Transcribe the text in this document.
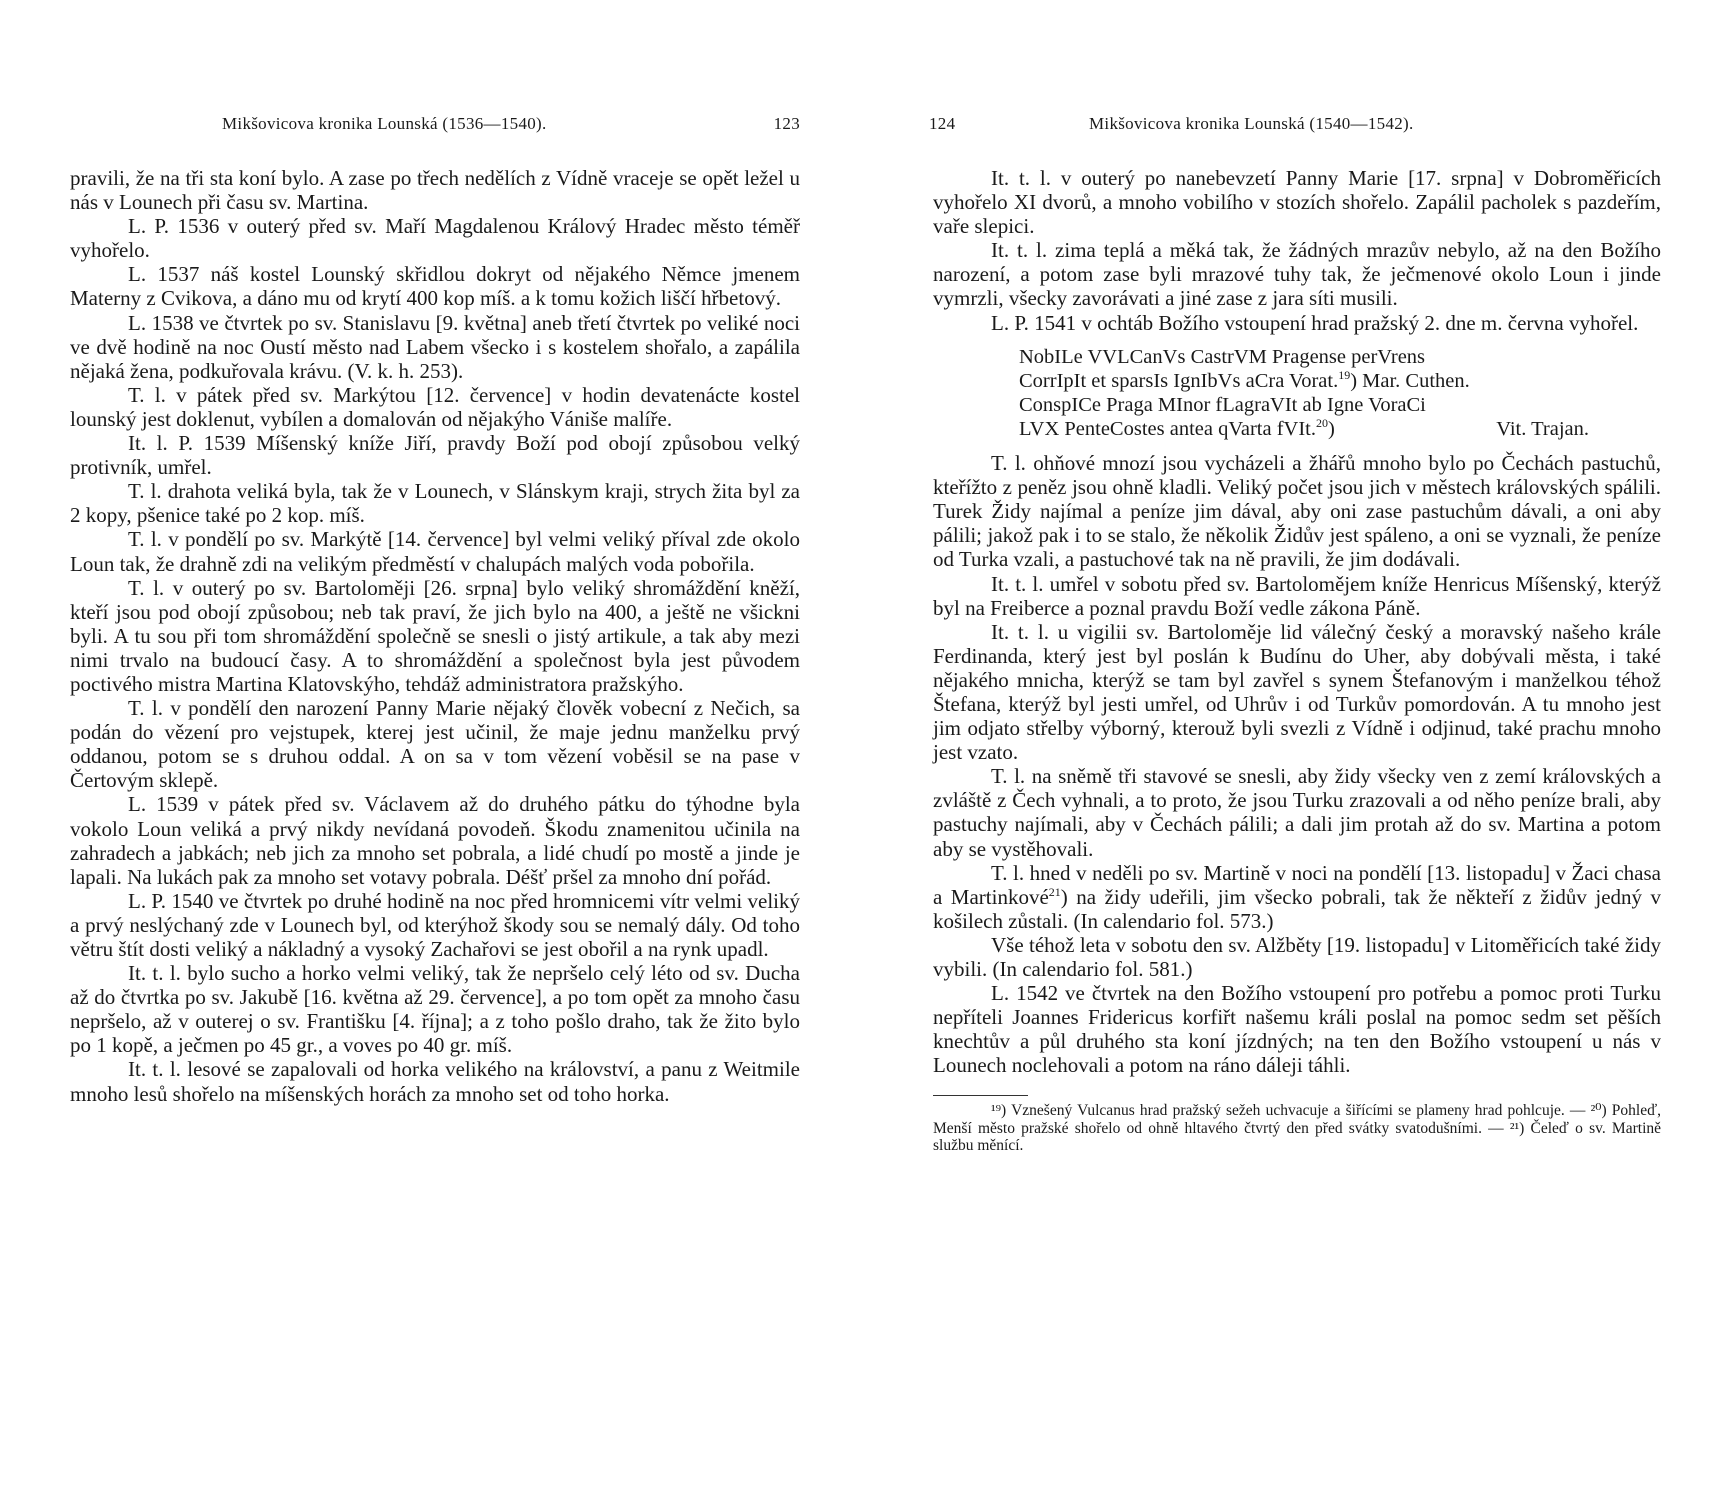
Mikšovicova kronika Lounská (1536—1540).	123

pravili, že na tři sta koní bylo. A zase po třech nedělích z Vídně vraceje se opět ležel u nás v Lounech při času sv. Martina.

L. P. 1536 v outerý před sv. Maří Magdalenou Králový Hradec město téměř vyhořelo.

L. 1537 náš kostel Lounský skřidlou dokryt od nějakého Němce jmenem Materny z Cvikova, a dáno mu od krytí 400 kop míš. a k tomu kožich liščí hřbetový.

L. 1538 ve čtvrtek po sv. Stanislavu [9. května] aneb třetí čtvrtek po veliké noci ve dvě hodině na noc Oustí město nad Labem všecko i s kostelem shořalo, a zapálila nějaká žena, podkuřovala krávu. (V. k. h. 253).

T. l. v pátek před sv. Markýtou [12. července] v hodin devatenácte kostel lounský jest doklenut, vybílen a domalován od nějakýho Vániše malíře.

It. l. P. 1539 Míšenský kníže Jiří, pravdy Boží pod obojí způsobou velký protivník, umřel.

T. l. drahota veliká byla, tak že v Lounech, v Slánskym kraji, strych žita byl za 2 kopy, pšenice také po 2 kop. míš.

T. l. v pondělí po sv. Markýtě [14. července] byl velmi veliký příval zde okolo Loun tak, že drahně zdi na velikým předměstí v chalupách malých voda pobořila.

T. l. v outerý po sv. Bartoloměji [26. srpna] bylo veliký shromáždění kněží, kteří jsou pod obojí způsobou; neb tak praví, že jich bylo na 400, a ještě ne všickni byli. A tu sou při tom shromáždění společně se snesli o jistý artikule, a tak aby mezi nimi trvalo na budoucí časy. A to shromáždění a společnost byla jest původem poctivého mistra Martina Klatovskýho, tehdáž administratora pražskýho.

T. l. v pondělí den narození Panny Marie nějaký člověk vobecní z Nečich, sa podán do vězení pro vejstupek, kterej jest učinil, že maje jednu manželku prvý oddanou, potom se s druhou oddal. A on sa v tom vězení voběsil se na pase v Čertovým sklepě.

L. 1539 v pátek před sv. Václavem až do druhého pátku do týhodne byla vokolo Loun veliká a prvý nikdy nevídaná povodeň. Škodu znamenitou učinila na zahradech a jabkách; neb jich za mnoho set pobrala, a lidé chudí po mostě a jinde je lapali. Na lukách pak za mnoho set votavy pobrala. Déšť pršel za mnoho dní pořád.

L. P. 1540 ve čtvrtek po druhé hodině na noc před hromnicemi vítr velmi veliký a prvý neslýchaný zde v Lounech byl, od kterýhož škody sou se nemalý dály. Od toho větru štít dosti veliký a nákladný a vysoký Zachařovi se jest obořil a na rynk upadl.

It. t. l. bylo sucho a horko velmi veliký, tak že nepršelo celý léto od sv. Ducha až do čtvrtka po sv. Jakubě [16. května až 29. července], a po tom opět za mnoho času nepršelo, až v outerej o sv. Františku [4. října]; a z toho pošlo draho, tak že žito bylo po 1 kopě, a ječmen po 45 gr., a voves po 40 gr. míš.

It. t. l. lesové se zapalovali od horka velikého na království, a panu z Weitmile mnoho lesů shořelo na míšenských horách za mnoho set od toho horka.

124	Mikšovicova kronika Lounská (1540—1542).

It. t. l. v outerý po nanebevzetí Panny Marie [17. srpna] v Dobroměřicích vyhořelo XI dvorů, a mnoho vobilího v stozích shořelo. Zapálil pacholek s pazdeřím, vaře slepici.

It. t. l. zima teplá a měká tak, že žádných mrazův nebylo, až na den Božího narození, a potom zase byli mrazové tuhy tak, že ječmenové okolo Loun i jinde vymrzli, všecky zavorávati a jiné zase z jara síti musili.

L. P. 1541 v ochtáb Božího vstoupení hrad pražský 2. dne m. června vyhořel.

NobILe VVLCanVs CastrVM Pragense perVrens
CorrIpIt et sparsIs IgnIbVs aCra Vorat.$^{19}$) Mar. Cuthen.
ConspICe Praga MInor fLagraVIt ab Igne VoraCi
LVX PenteCostes antea qVarta fVIt.$^{20}$)	Vit. Trajan.

T. l. ohňové mnozí jsou vycházeli a žhářů mnoho bylo po Čechách pastuchů, kteřížto z peněz jsou ohně kladli. Veliký počet jsou jich v městech královských spálili. Turek Židy najímal a peníze jim dával, aby oni zase pastuchům dávali, a oni aby pálili; jakož pak i to se stalo, že několik Židův jest spáleno, a oni se vyznali, že peníze od Turka vzali, a pastuchové tak na ně pravili, že jim dodávali.

It. t. l. umřel v sobotu před sv. Bartolomějem kníže Henricus Míšenský, kterýž byl na Freiberce a poznal pravdu Boží vedle zákona Páně.

It. t. l. u vigilii sv. Bartoloměje lid válečný český a moravský našeho krále Ferdinanda, který jest byl poslán k Budínu do Uher, aby dobývali města, i také nějakého mnicha, kterýž se tam byl zavřel s synem Štefanovým i manželkou téhož Štefana, kterýž byl jesti umřel, od Uhrův i od Turkův pomordován. A tu mnoho jest jim odjato střelby výborný, kterouž byli svezli z Vídně i odjinud, také prachu mnoho jest vzato.

T. l. na sněmě tři stavové se snesli, aby židy všecky ven z zemí královských a zvláště z Čech vyhnali, a to proto, že jsou Turku zrazovali a od něho peníze brali, aby pastuchy najímali, aby v Čechách pálili; a dali jim protah až do sv. Martina a potom aby se vystěhovali.

T. l. hned v neděli po sv. Martině v noci na pondělí [13. listopadu] v Žaci chasa a Martinkové$^{21}$) na židy udeřili, jim všecko pobrali, tak že někteří z židův jedný v košilech zůstali. (In calendario fol. 573.)

Vše téhož leta v sobotu den sv. Alžběty [19. listopadu] v Litoměřicích také židy vybili. (In calendario fol. 581.)

L. 1542 ve čtvrtek na den Božího vstoupení pro potřebu a pomoc proti Turku nepříteli Joannes Fridericus korfiřt našemu králi poslal na pomoc sedm set pěších knechtův a půl druhého sta koní jízdných; na ten den Božího vstoupení u nás v Lounech noclehovali a potom na ráno dáleji táhli.

¹⁹) Vznešený Vulcanus hrad pražský sežeh uchvacuje a šiřícími se plameny hrad pohlcuje. — ²⁰) Pohleď, Menší město pražské shořelo od ohně hltavého čtvrtý den před svátky svatodušními. — ²¹) Čeleď o sv. Martině službu měnící.
